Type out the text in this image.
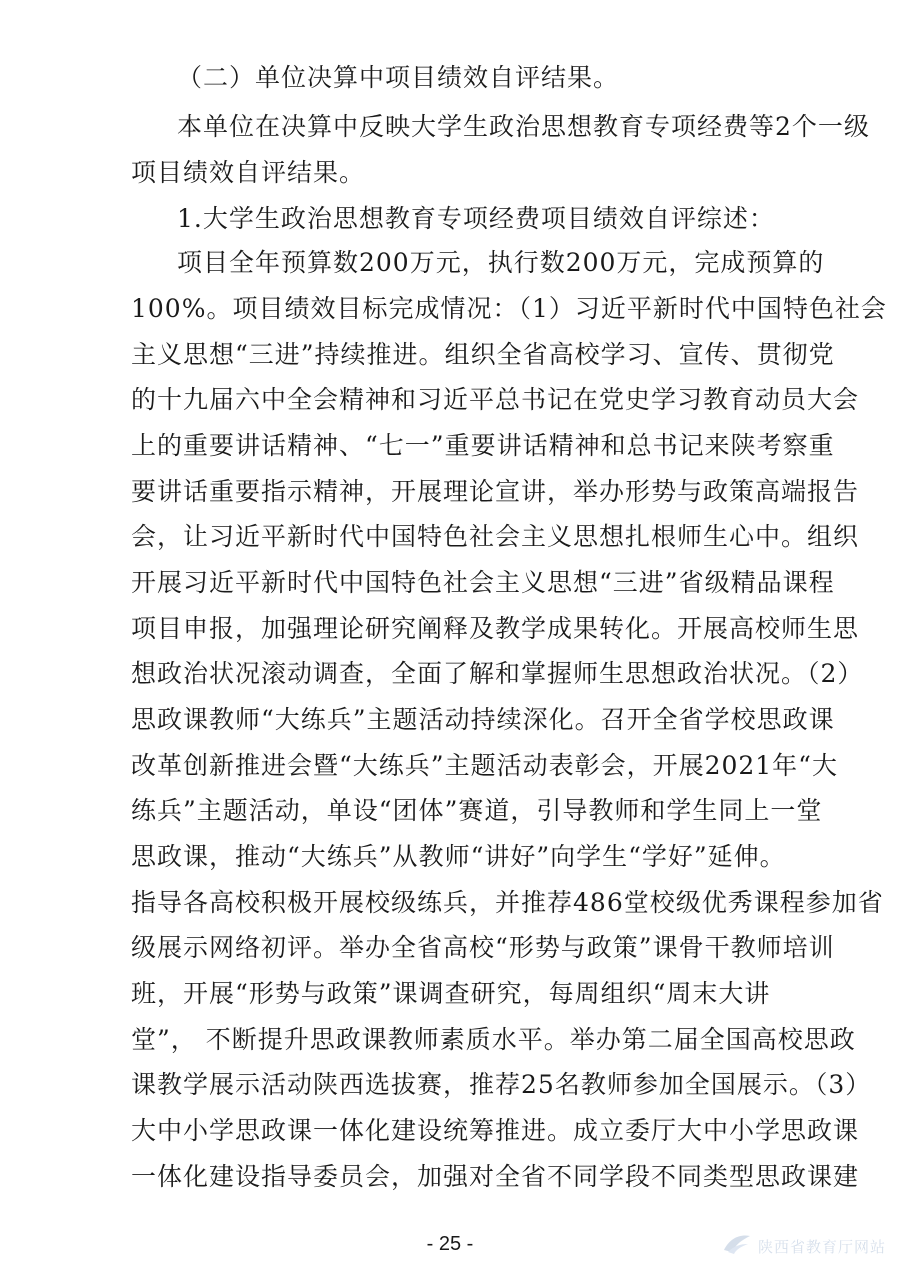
（二）单位决算中项目绩效自评结果。
本单位在决算中反映大学生政治思想教育专项经费等2个一级
项目绩效自评结果。
1.大学生政治思想教育专项经费项目绩效自评综述：
项目全年预算数200万元，执行数200万元，完成预算的
100%。项目绩效目标完成情况：（1）习近平新时代中国特色社会
主义思想“三进”持续推进。组织全省高校学习、宣传、贯彻党
的十九届六中全会精神和习近平总书记在党史学习教育动员大会
上的重要讲话精神、“七一”重要讲话精神和总书记来陕考察重
要讲话重要指示精神，开展理论宣讲，举办形势与政策高端报告
会，让习近平新时代中国特色社会主义思想扎根师生心中。组织
开展习近平新时代中国特色社会主义思想“三进”省级精品课程
项目申报，加强理论研究阐释及教学成果转化。开展高校师生思
想政治状况滚动调查，全面了解和掌握师生思想政治状况。（2）
思政课教师“大练兵”主题活动持续深化。召开全省学校思政课
改革创新推进会暨“大练兵”主题活动表彰会，开展2021年“大
练兵”主题活动，单设“团体”赛道，引导教师和学生同上一堂
思政课，推动“大练兵”从教师“讲好”向学生“学好”延伸。
指导各高校积极开展校级练兵，并推荐486堂校级优秀课程参加省
级展示网络初评。举办全省高校“形势与政策”课骨干教师培训
班，开展“形势与政策”课调查研究，每周组织“周末大讲
堂”， 不断提升思政课教师素质水平。举办第二届全国高校思政
课教学展示活动陕西选拔赛，推荐25名教师参加全国展示。（3）
大中小学思政课一体化建设统筹推进。成立委厅大中小学思政课
一体化建设指导委员会，加强对全省不同学段不同类型思政课建
- 25 -	陕西省教育厅网站
